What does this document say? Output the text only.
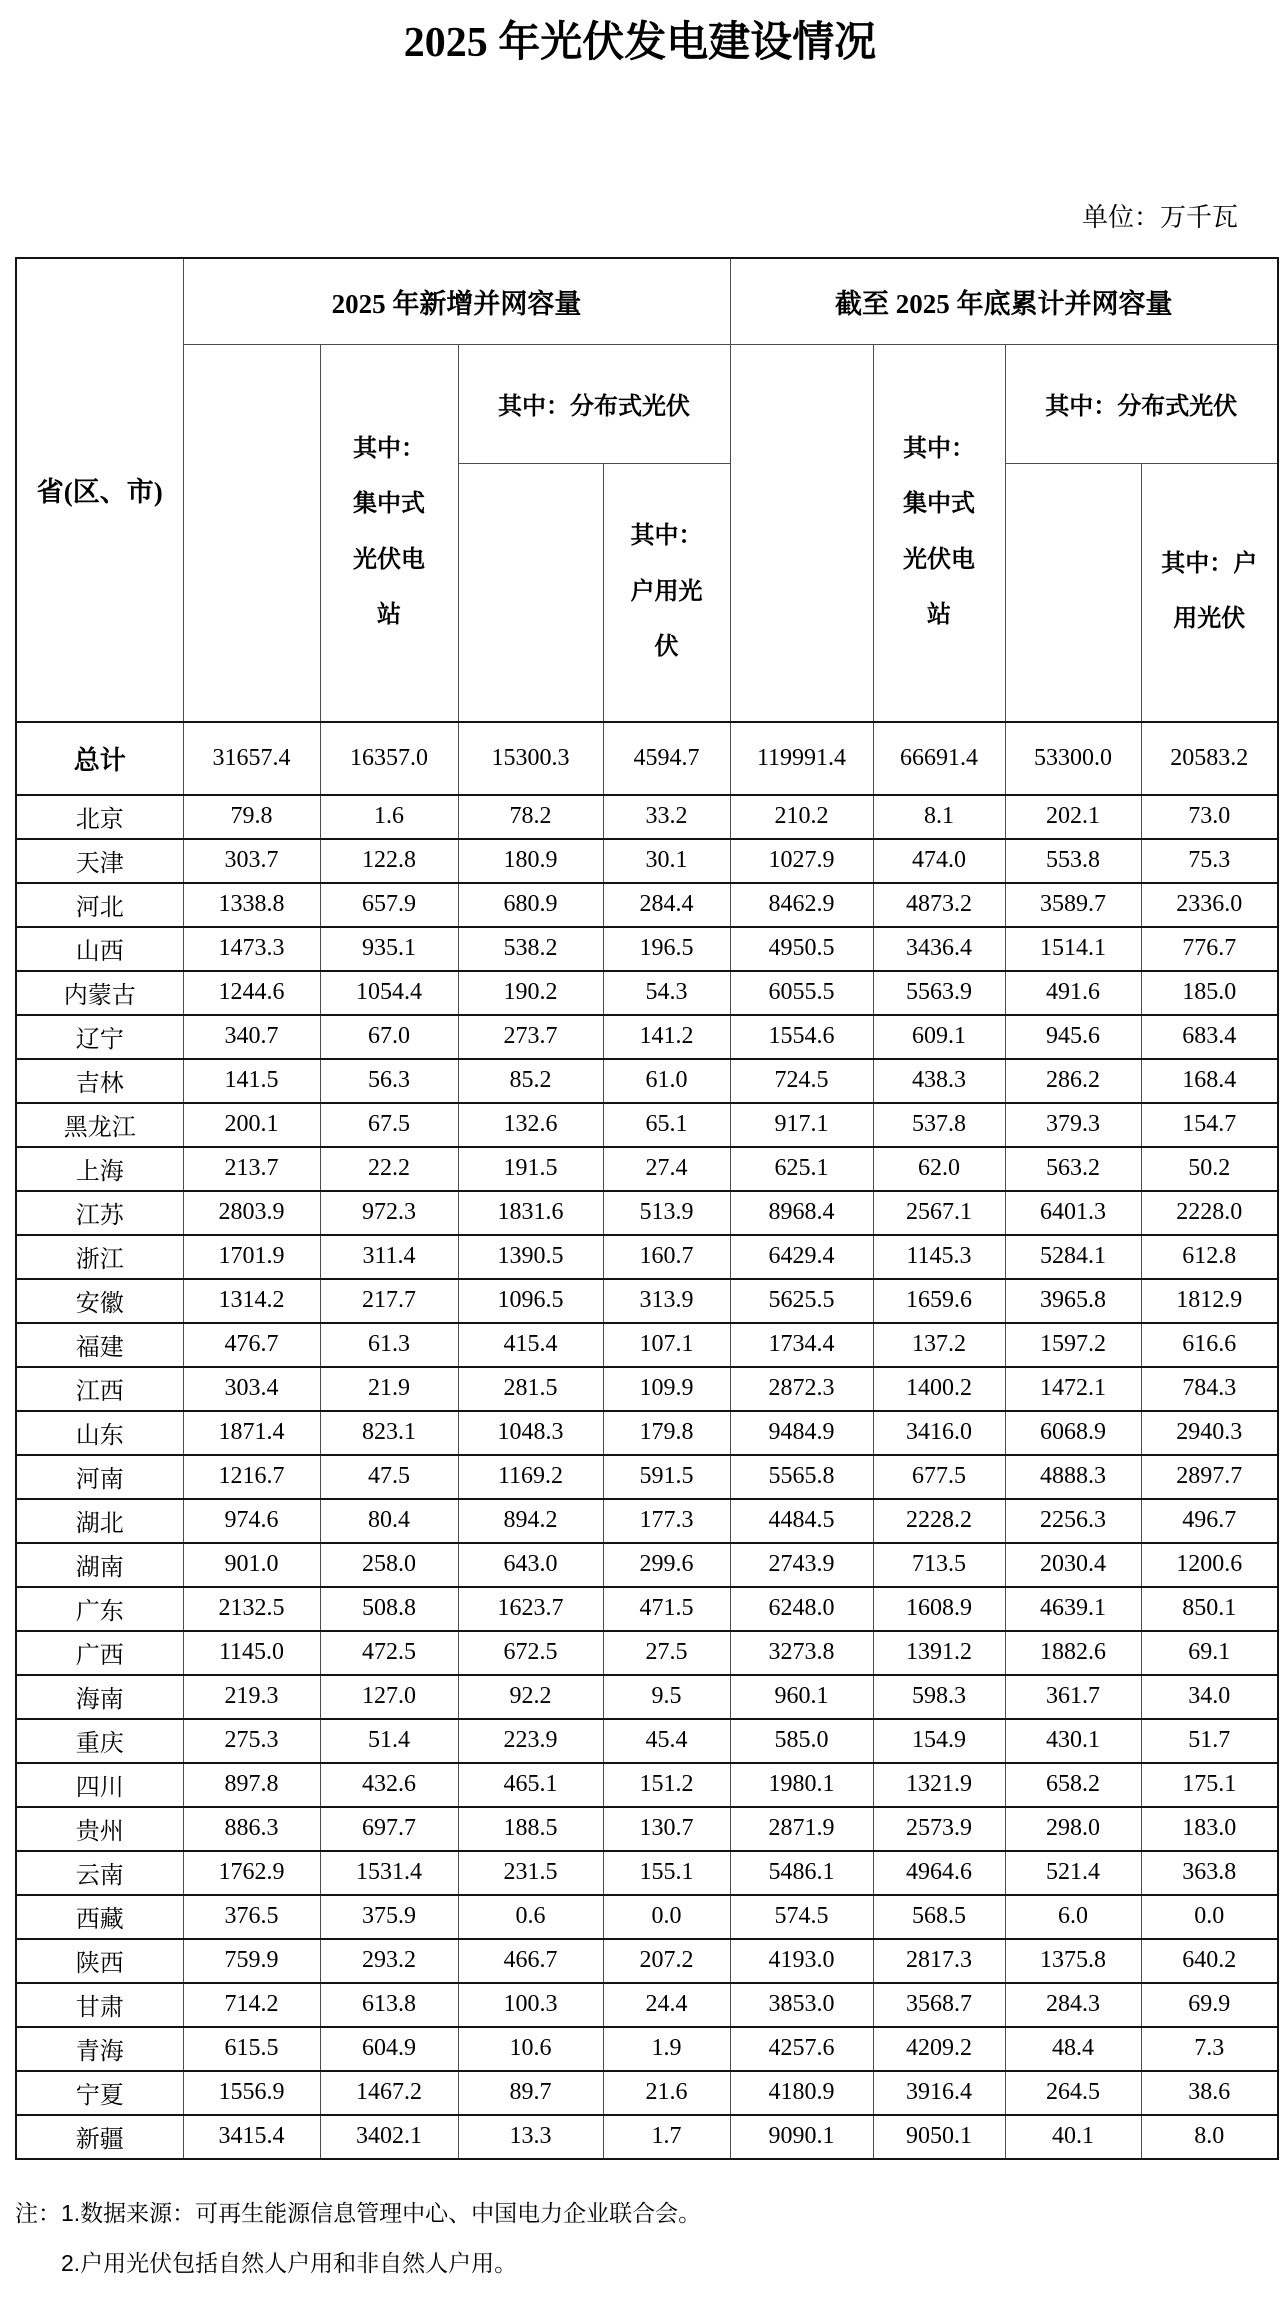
2025 年光伏发电建设情况
单位：万千瓦
省(区、市)	2025 年新增并网容量				截至 2025 年底累计并网容量			
		其中：集中式光伏电站	其中：分布式光伏			其中：集中式光伏电站	其中：分布式光伏	
				其中：户用光伏				其中：户用光伏
总计	31657.4	16357.0	15300.3	4594.7	119991.4	66691.4	53300.0	20583.2
北京	79.8	1.6	78.2	33.2	210.2	8.1	202.1	73.0
天津	303.7	122.8	180.9	30.1	1027.9	474.0	553.8	75.3
河北	1338.8	657.9	680.9	284.4	8462.9	4873.2	3589.7	2336.0
山西	1473.3	935.1	538.2	196.5	4950.5	3436.4	1514.1	776.7
内蒙古	1244.6	1054.4	190.2	54.3	6055.5	5563.9	491.6	185.0
辽宁	340.7	67.0	273.7	141.2	1554.6	609.1	945.6	683.4
吉林	141.5	56.3	85.2	61.0	724.5	438.3	286.2	168.4
黑龙江	200.1	67.5	132.6	65.1	917.1	537.8	379.3	154.7
上海	213.7	22.2	191.5	27.4	625.1	62.0	563.2	50.2
江苏	2803.9	972.3	1831.6	513.9	8968.4	2567.1	6401.3	2228.0
浙江	1701.9	311.4	1390.5	160.7	6429.4	1145.3	5284.1	612.8
安徽	1314.2	217.7	1096.5	313.9	5625.5	1659.6	3965.8	1812.9
福建	476.7	61.3	415.4	107.1	1734.4	137.2	1597.2	616.6
江西	303.4	21.9	281.5	109.9	2872.3	1400.2	1472.1	784.3
山东	1871.4	823.1	1048.3	179.8	9484.9	3416.0	6068.9	2940.3
河南	1216.7	47.5	1169.2	591.5	5565.8	677.5	4888.3	2897.7
湖北	974.6	80.4	894.2	177.3	4484.5	2228.2	2256.3	496.7
湖南	901.0	258.0	643.0	299.6	2743.9	713.5	2030.4	1200.6
广东	2132.5	508.8	1623.7	471.5	6248.0	1608.9	4639.1	850.1
广西	1145.0	472.5	672.5	27.5	3273.8	1391.2	1882.6	69.1
海南	219.3	127.0	92.2	9.5	960.1	598.3	361.7	34.0
重庆	275.3	51.4	223.9	45.4	585.0	154.9	430.1	51.7
四川	897.8	432.6	465.1	151.2	1980.1	1321.9	658.2	175.1
贵州	886.3	697.7	188.5	130.7	2871.9	2573.9	298.0	183.0
云南	1762.9	1531.4	231.5	155.1	5486.1	4964.6	521.4	363.8
西藏	376.5	375.9	0.6	0.0	574.5	568.5	6.0	0.0
陕西	759.9	293.2	466.7	207.2	4193.0	2817.3	1375.8	640.2
甘肃	714.2	613.8	100.3	24.4	3853.0	3568.7	284.3	69.9
青海	615.5	604.9	10.6	1.9	4257.6	4209.2	48.4	7.3
宁夏	1556.9	1467.2	89.7	21.6	4180.9	3916.4	264.5	38.6
新疆	3415.4	3402.1	13.3	1.7	9090.1	9050.1	40.1	8.0
注：1.数据来源：可再生能源信息管理中心、中国电力企业联合会。
2.户用光伏包括自然人户用和非自然人户用。
